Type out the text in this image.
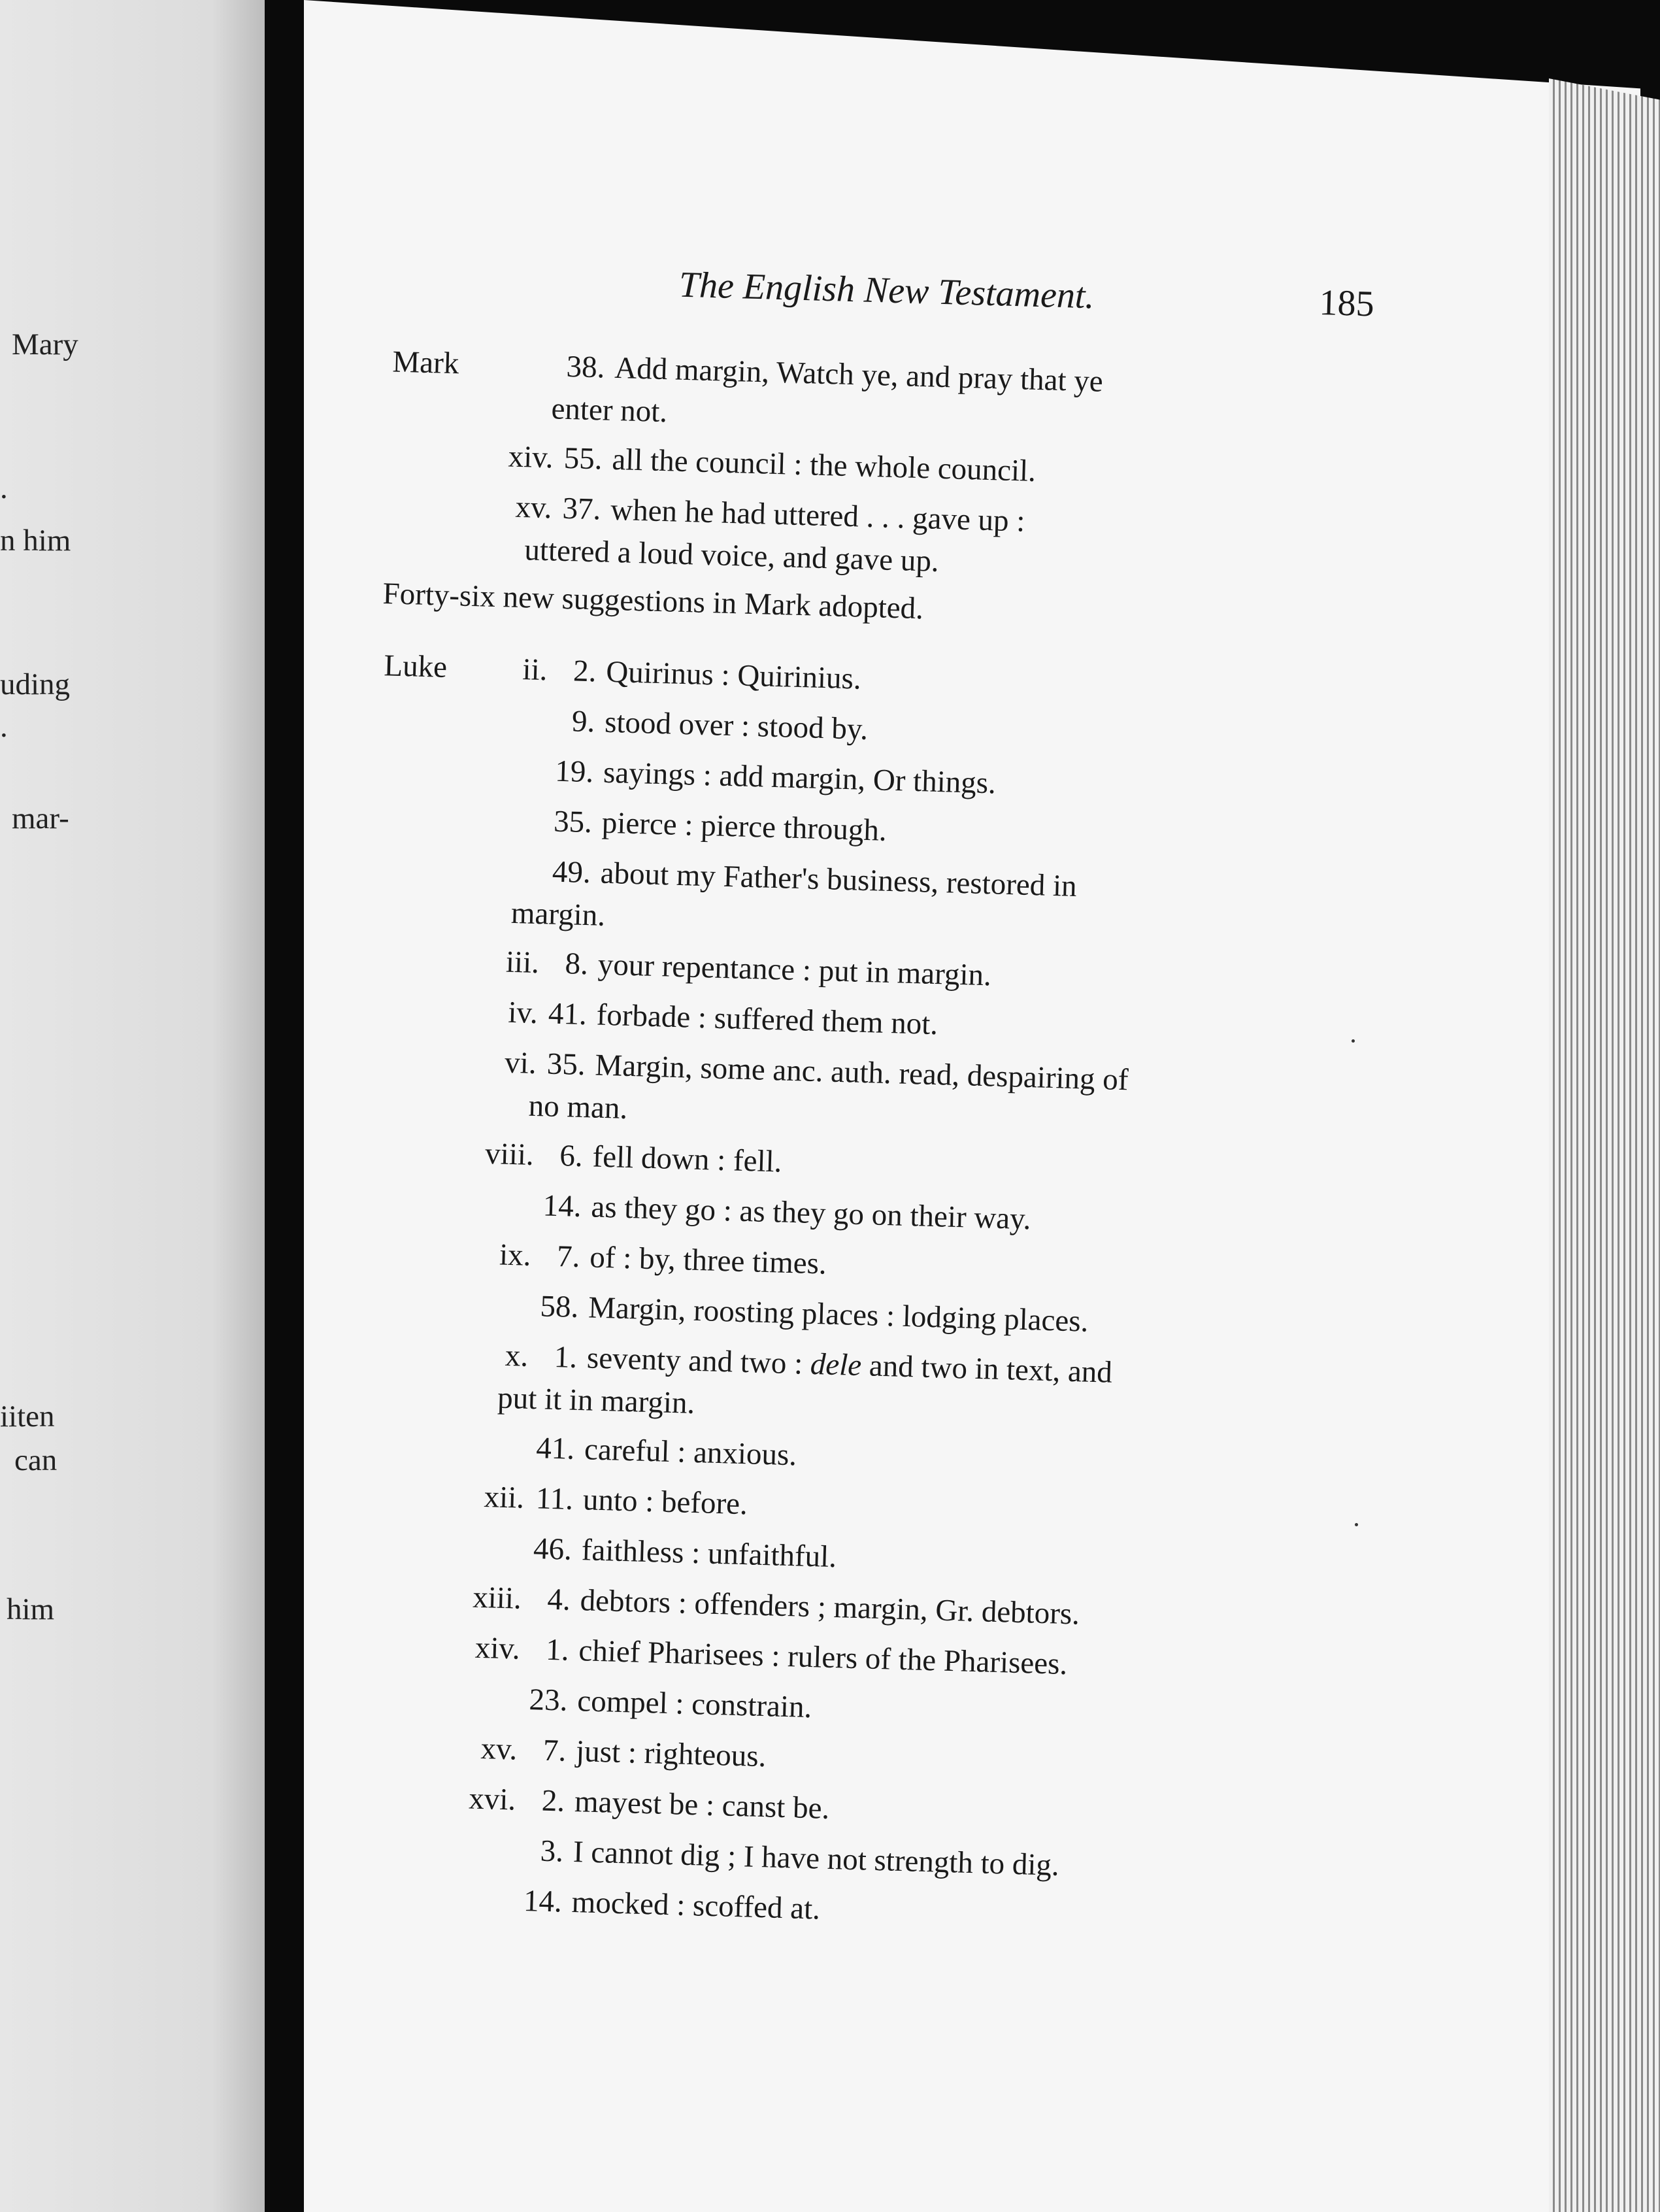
Mary
.
n him
uding
.
mar-
iiten
can
him
The English New Testament.	185
Mark	38. Add margin, Watch ye, and pray that ye
enter not.
xiv. 55. all the council : the whole council.
xv. 37. when he had uttered . . . gave up :
uttered a loud voice, and gave up.
Luke ii. 2. Quirinus : Quirinius.
9. stood over : stood by.
19. sayings : add margin, Or things.
35. pierce : pierce through.
49. about my Father's business, restored in
margin.
iii. 8. your repentance : put in margin.
iv. 41. forbade : suffered them not.
vi. 35. Margin, some anc. auth. read, despairing of
no man.
viii. 6. fell down : fell.
14. as they go : as they go on their way.
ix. 7. of : by, three times.
58. Margin, roosting places : lodging places.
x. 1. seventy and two : dele and two in text, and
put it in margin.
41. careful : anxious.
xii. 11. unto : before.
46. faithless : unfaithful.
xiii. 4. debtors : offenders ; margin, Gr. debtors.
xiv. 1. chief Pharisees : rulers of the Pharisees.
23. compel : constrain.
xv. 7. just : righteous.
xvi. 2. mayest be : canst be.
3. I cannot dig ; I have not strength to dig.
14. mocked : scoffed at.
Forty-six new suggestions in Mark adopted.
